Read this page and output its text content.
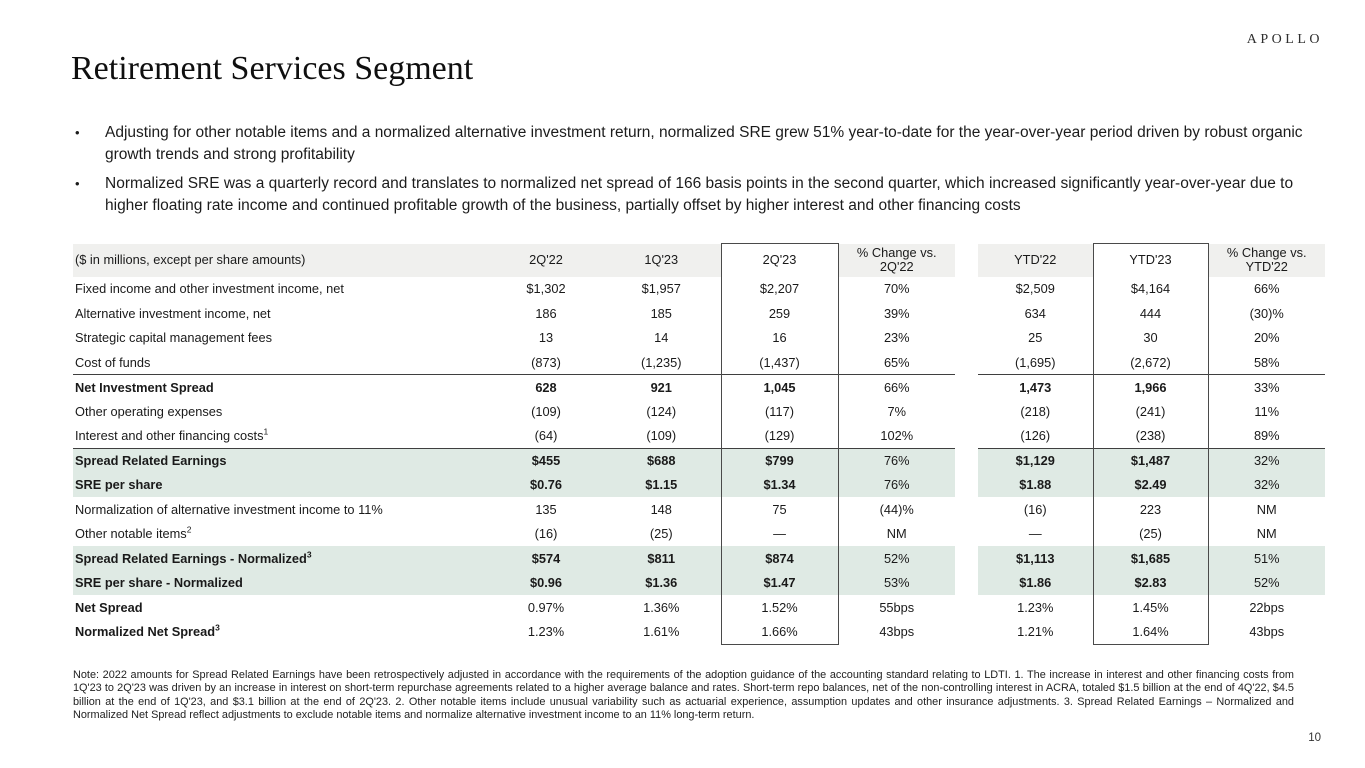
APOLLO
Retirement Services Segment
•
Adjusting for other notable items and a normalized alternative investment return, normalized SRE grew 51% year-to-date for the year-over-year period driven by robust organic growth trends and strong profitability
•
Normalized SRE was a quarterly record and translates to normalized net spread of 166 basis points in the second quarter, which increased significantly year-over-year due to higher floating rate income and continued profitable growth of the business, partially offset by higher interest and other financing costs
($ in millions, except per share amounts)	2Q'22	1Q'23	2Q'23	% Change vs. 2Q'22		YTD'22	YTD'23	% Change vs. YTD'22
Fixed income and other investment income, net	$1,302	$1,957	$2,207	70%		$2,509	$4,164	66%
Alternative investment income, net	186	185	259	39%		634	444	(30)%
Strategic capital management fees	13	14	16	23%		25	30	20%
Cost of funds	(873)	(1,235)	(1,437)	65%		(1,695)	(2,672)	58%
Net Investment Spread	628	921	1,045	66%		1,473	1,966	33%
Other operating expenses	(109)	(124)	(117)	7%		(218)	(241)	11%
Interest and other financing costs$^1$	(64)	(109)	(129)	102%		(126)	(238)	89%
Spread Related Earnings	$455	$688	$799	76%		$1,129	$1,487	32%
SRE per share	$0.76	$1.15	$1.34	76%		$1.88	$2.49	32%
Normalization of alternative investment income to 11%	135	148	75	(44)%		(16)	223	NM
Other notable items$^2$	(16)	(25)	—	NM		—	(25)	NM
Spread Related Earnings - Normalized$^3$	$574	$811	$874	52%		$1,113	$1,685	51%
SRE per share - Normalized	$0.96	$1.36	$1.47	53%		$1.86	$2.83	52%
Net Spread	0.97%	1.36%	1.52%	55bps		1.23%	1.45%	22bps
Normalized Net Spread$^3$	1.23%	1.61%	1.66%	43bps		1.21%	1.64%	43bps

Note: 2022 amounts for Spread Related Earnings have been retrospectively adjusted in accordance with the requirements of the adoption guidance of the accounting standard relating to LDTI. 1. The increase in interest and other financing costs from 1Q'23 to 2Q'23 was driven by an increase in interest on short-term repurchase agreements related to a higher average balance and rates. Short-term repo balances, net of the non-controlling interest in ACRA, totaled $1.5 billion at the end of 4Q'22, $4.5 billion at the end of 1Q'23, and $3.1 billion at the end of 2Q'23. 2. Other notable items include unusual variability such as actuarial experience, assumption updates and other insurance adjustments. 3. Spread Related Earnings – Normalized and Normalized Net Spread reflect adjustments to exclude notable items and normalize alternative investment income to an 11% long-term return.

10
